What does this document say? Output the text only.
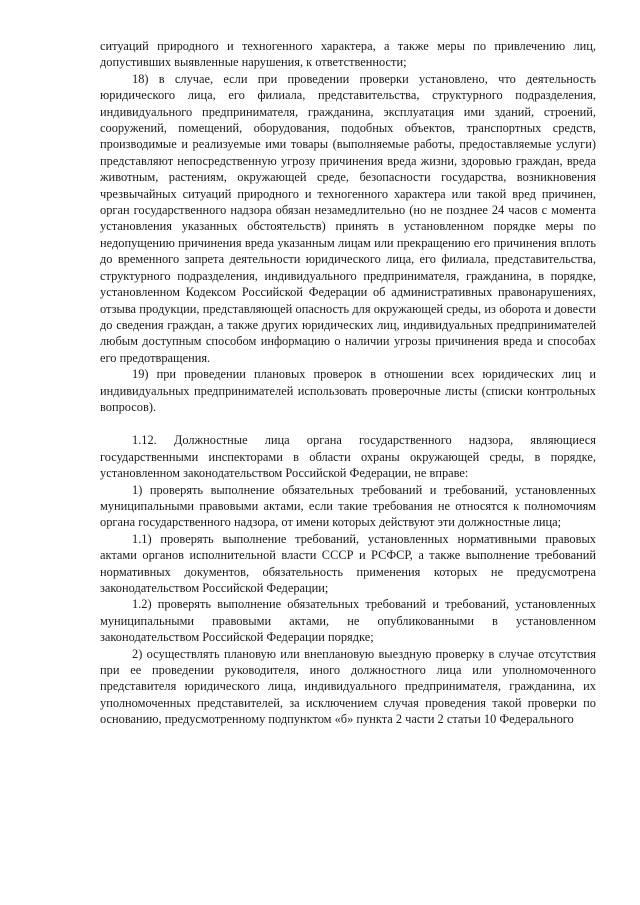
ситуаций природного и техногенного характера, а также меры по привлечению лиц, допустивших выявленные нарушения, к ответственности;

18) в случае, если при проведении проверки установлено, что деятельность юридического лица, его филиала, представительства, структурного подразделения, индивидуального предпринимателя, гражданина, эксплуатация ими зданий, строений, сооружений, помещений, оборудования, подобных объектов, транспортных средств, производимые и реализуемые ими товары (выполняемые работы, предоставляемые услуги) представляют непосредственную угрозу причинения вреда жизни, здоровью граждан, вреда животным, растениям, окружающей среде, безопасности государства, возникновения чрезвычайных ситуаций природного и техногенного характера или такой вред причинен, орган государственного надзора обязан незамедлительно (но не позднее 24 часов с момента установления указанных обстоятельств) принять в установленном порядке меры по недопущению причинения вреда указанным лицам или прекращению его причинения вплоть до временного запрета деятельности юридического лица, его филиала, представительства, структурного подразделения, индивидуального предпринимателя, гражданина, в порядке, установленном Кодексом Российской Федерации об административных правонарушениях, отзыва продукции, представляющей опасность для окружающей среды, из оборота и довести до сведения граждан, а также других юридических лиц, индивидуальных предпринимателей любым доступным способом информацию о наличии угрозы причинения вреда и способах его предотвращения.

19) при проведении плановых проверок в отношении всех юридических лиц и индивидуальных предпринимателей использовать проверочные листы (списки контрольных вопросов).

1.12. Должностные лица органа государственного надзора, являющиеся государственными инспекторами в области охраны окружающей среды, в порядке, установленном законодательством Российской Федерации, не вправе:

1) проверять выполнение обязательных требований и требований, установленных муниципальными правовыми актами, если такие требования не относятся к полномочиям органа государственного надзора, от имени которых действуют эти должностные лица;

1.1) проверять выполнение требований, установленных нормативными правовых актами органов исполнительной власти СССР и РСФСР, а также выполнение требований нормативных документов, обязательность применения которых не предусмотрена законодательством Российской Федерации;

1.2) проверять выполнение обязательных требований и требований, установленных муниципальными правовыми актами, не опубликованными в установленном законодательством Российской Федерации порядке;

2) осуществлять плановую или внеплановую выездную проверку в случае отсутствия при ее проведении руководителя, иного должностного лица или уполномоченного представителя юридического лица, индивидуального предпринимателя, гражданина, их уполномоченных представителей, за исключением случая проведения такой проверки по основанию, предусмотренному подпунктом «б» пункта 2 части 2 статьи 10 Федерального
